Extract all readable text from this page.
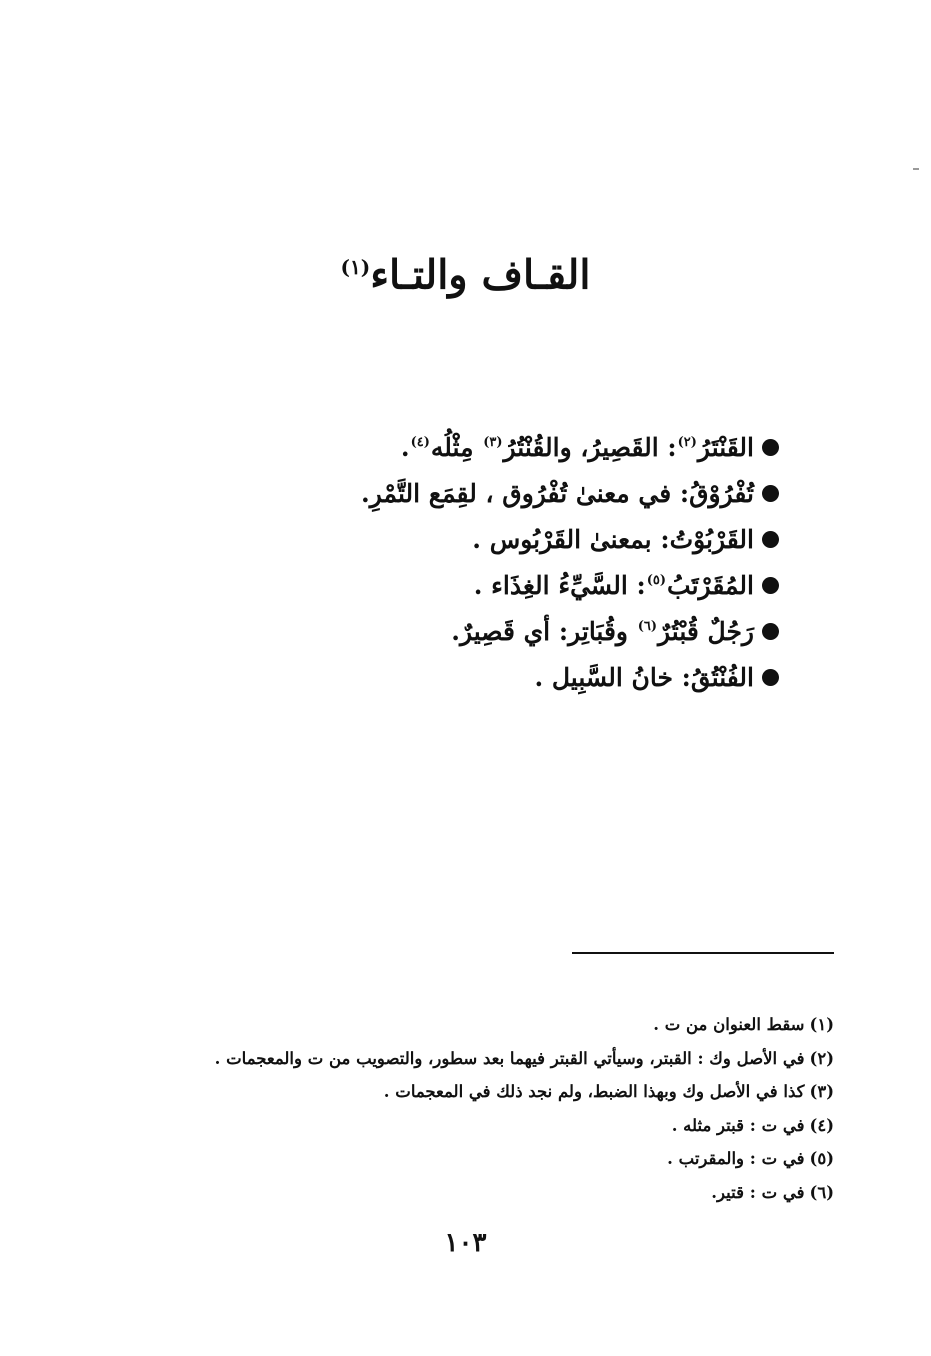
القـاف والتـاء$^{(١)}$
القَنْتَرُ$^{(٢)}$: القَصِيرُ، والقُنْتُرُ$^{(٣)}$ مِثْلُه$^{(٤)}$.
تُفْرُوْقُ: في معنىٰ تُفْرُوق ، لقِمَع التَّمْرِ.
القَرْبُوْتُ: بمعنىٰ القَرْبُوس .
المُقَرْتَبُ$^{(٥)}$: السَّيِّءُ الغِذَاء .
رَجُلٌ قُبْتُرٌ$^{(٦)}$ وقُبَاتِر: أي قَصِيرٌ.
الفُنْتُقُ: خانُ السَّبِيل .
(١)سقط العنوان من ت .
(٢)في الأصل وك : القبتر، وسيأتي القبتر فيهما بعد سطور، والتصويب من ت والمعجمات .
(٣)كذا في الأصل وك وبهذا الضبط، ولم نجد ذلك في المعجمات .
(٤)في ت : قبتر مثله .
(٥)في ت : والمقرتب .
(٦)في ت : قتير.
١٠٣
